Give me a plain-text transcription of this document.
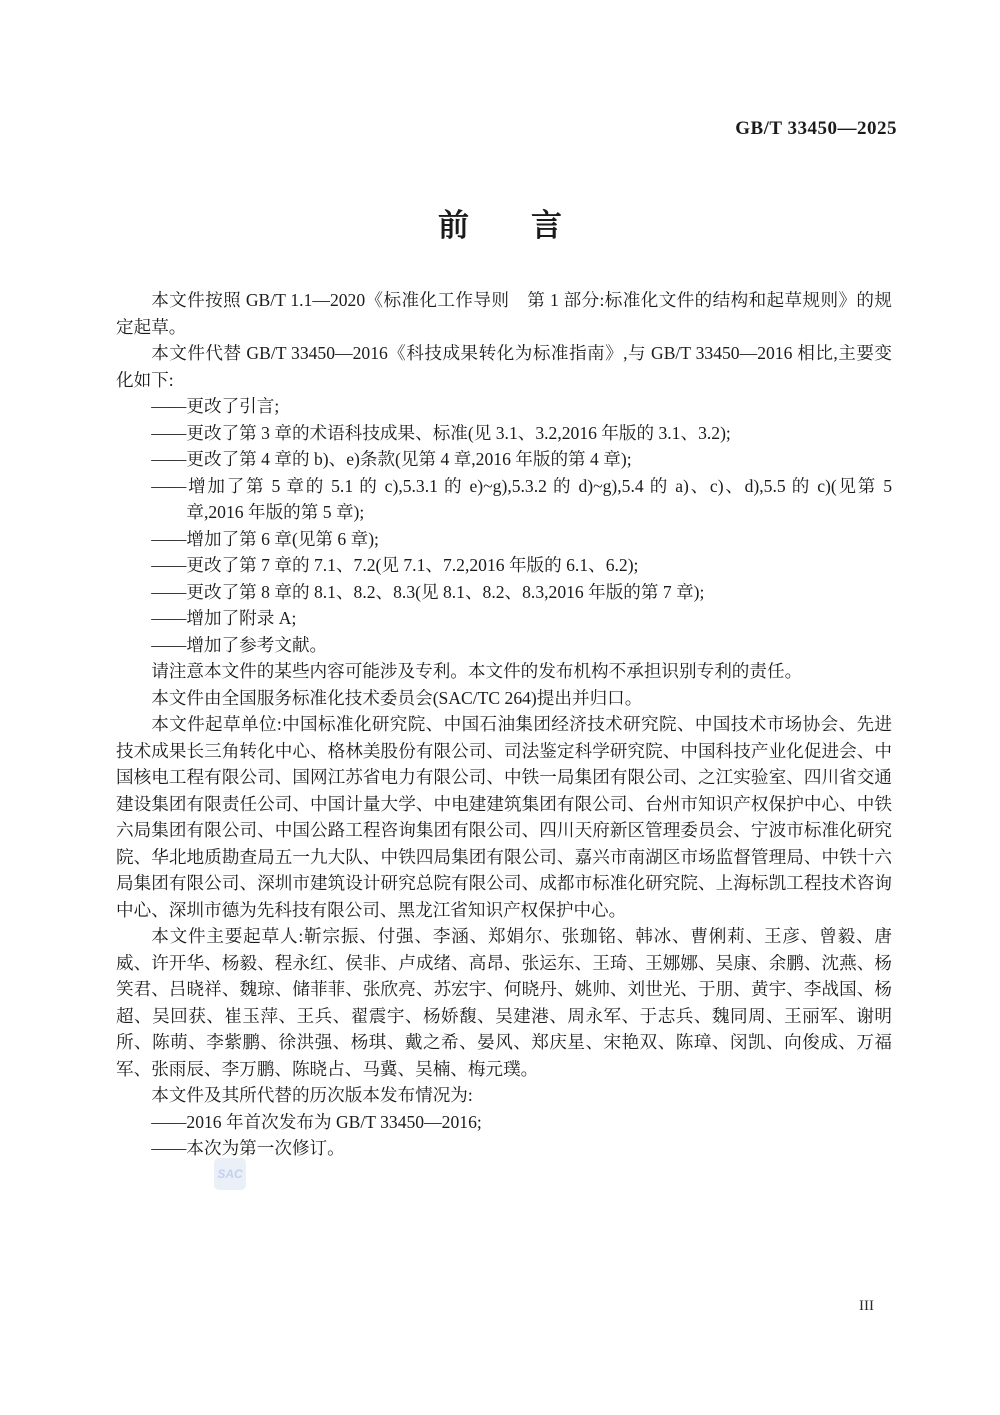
GB/T 33450—2025
前　　言

本文件按照 GB/T 1.1—2020《标准化工作导则　第 1 部分:标准化文件的结构和起草规则》的规定起草。

本文件代替 GB/T 33450—2016《科技成果转化为标准指南》,与 GB/T 33450—2016 相比,主要变化如下:

——更改了引言;

——更改了第 3 章的术语科技成果、标准(见 3.1、3.2,2016 年版的 3.1、3.2);

——更改了第 4 章的 b)、e)条款(见第 4 章,2016 年版的第 4 章);

——增加了第 5 章的 5.1 的 c),5.3.1 的 e)~g),5.3.2 的 d)~g),5.4 的 a)、c)、d),5.5 的 c)(见第 5 章,2016 年版的第 5 章);

——增加了第 6 章(见第 6 章);

——更改了第 7 章的 7.1、7.2(见 7.1、7.2,2016 年版的 6.1、6.2);

——更改了第 8 章的 8.1、8.2、8.3(见 8.1、8.2、8.3,2016 年版的第 7 章);

——增加了附录 A;

——增加了参考文献。

请注意本文件的某些内容可能涉及专利。本文件的发布机构不承担识别专利的责任。

本文件由全国服务标准化技术委员会(SAC/TC 264)提出并归口。

本文件起草单位:中国标准化研究院、中国石油集团经济技术研究院、中国技术市场协会、先进技术成果长三角转化中心、格林美股份有限公司、司法鉴定科学研究院、中国科技产业化促进会、中国核电工程有限公司、国网江苏省电力有限公司、中铁一局集团有限公司、之江实验室、四川省交通建设集团有限责任公司、中国计量大学、中电建建筑集团有限公司、台州市知识产权保护中心、中铁六局集团有限公司、中国公路工程咨询集团有限公司、四川天府新区管理委员会、宁波市标准化研究院、华北地质勘查局五一九大队、中铁四局集团有限公司、嘉兴市南湖区市场监督管理局、中铁十六局集团有限公司、深圳市建筑设计研究总院有限公司、成都市标准化研究院、上海标凯工程技术咨询中心、深圳市德为先科技有限公司、黑龙江省知识产权保护中心。

本文件主要起草人:靳宗振、付强、李涵、郑娟尔、张珈铭、韩冰、曹俐莉、王彦、曾毅、唐威、许开华、杨毅、程永红、侯非、卢成绪、高昂、张运东、王琦、王娜娜、吴康、余鹏、沈燕、杨笑君、吕晓祥、魏琼、储菲菲、张欣亮、苏宏宇、何晓丹、姚帅、刘世光、于朋、黄宇、李战国、杨超、吴回获、崔玉萍、王兵、翟震宇、杨娇馥、吴建港、周永军、于志兵、魏同周、王丽军、谢明所、陈萌、李紫鹏、徐洪强、杨琪、戴之希、晏风、郑庆星、宋艳双、陈璋、闵凯、向俊成、万福军、张雨辰、李万鹏、陈晓占、马冀、吴楠、梅元璞。

本文件及其所代替的历次版本发布情况为:

——2016 年首次发布为 GB/T 33450—2016;

——本次为第一次修订。

SAC
III
